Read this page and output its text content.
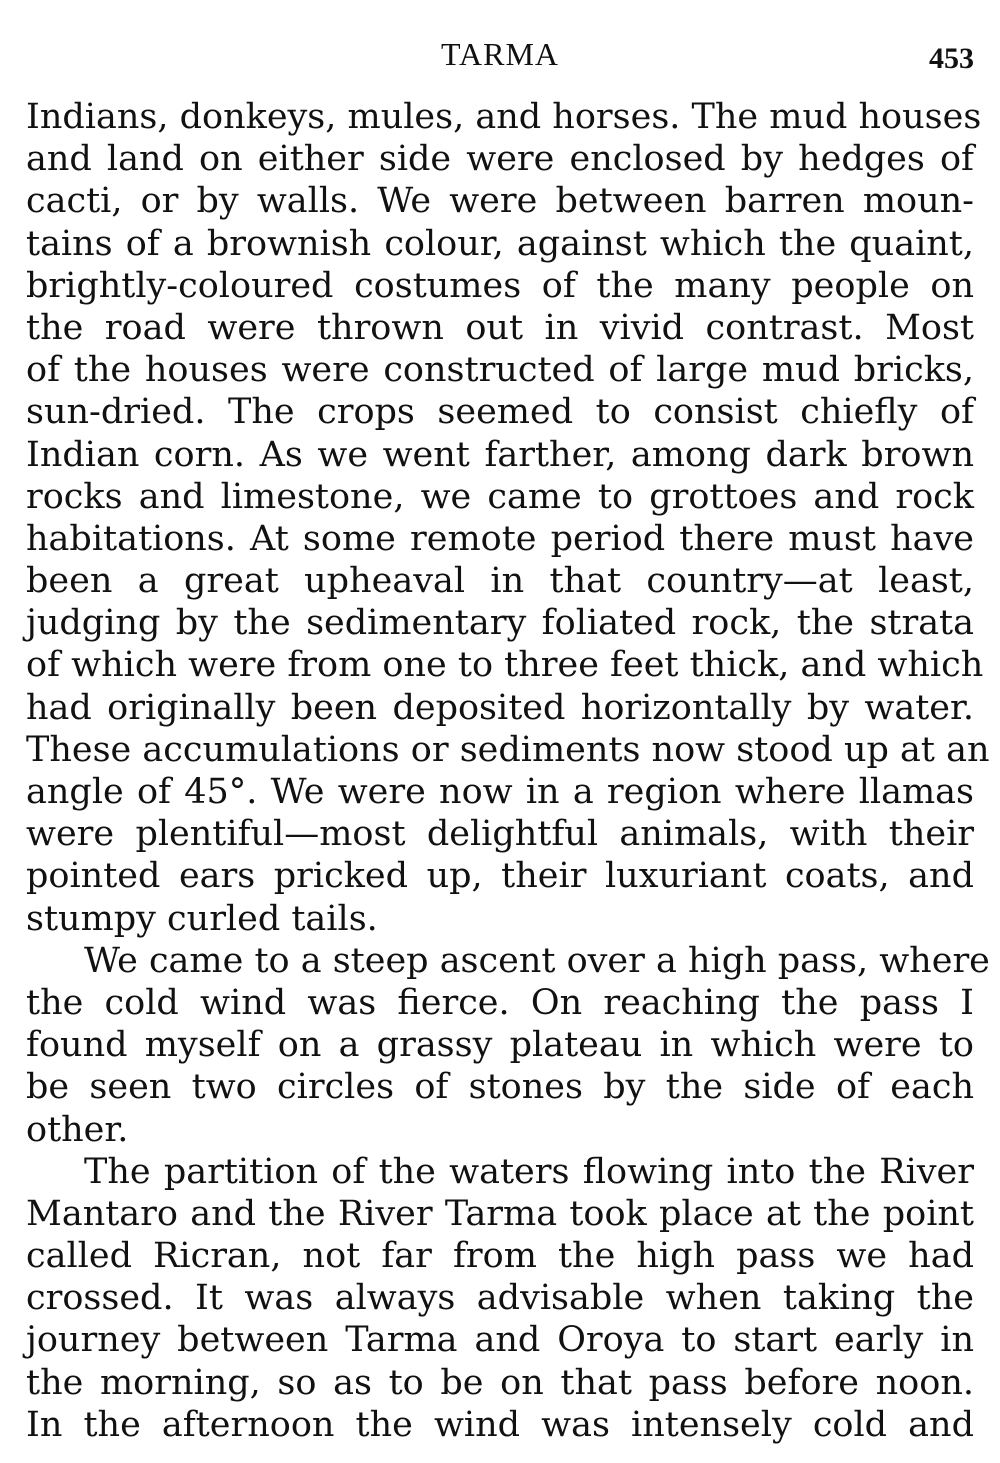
TARMA	453
Indians, donkeys, mules, and horses. The mud houses
and land on either side were enclosed by hedges of
cacti, or by walls. We were between barren moun-
tains of a brownish colour, against which the quaint,
brightly-coloured costumes of the many people on
the road were thrown out in vivid contrast. Most
of the houses were constructed of large mud bricks,
sun-dried. The crops seemed to consist chiefly of
Indian corn. As we went farther, among dark brown
rocks and limestone, we came to grottoes and rock
habitations. At some remote period there must have
been a great upheaval in that country—at least,
judging by the sedimentary foliated rock, the strata
of which were from one to three feet thick, and which
had originally been deposited horizontally by water.
These accumulations or sediments now stood up at an
angle of 45°. We were now in a region where llamas
were plentiful—most delightful animals, with their
pointed ears pricked up, their luxuriant coats, and
stumpy curled tails.
We came to a steep ascent over a high pass, where
the cold wind was fierce. On reaching the pass I
found myself on a grassy plateau in which were to
be seen two circles of stones by the side of each
other.
The partition of the waters flowing into the River
Mantaro and the River Tarma took place at the point
called Ricran, not far from the high pass we had
crossed. It was always advisable when taking the
journey between Tarma and Oroya to start early in
the morning, so as to be on that pass before noon.
In the afternoon the wind was intensely cold and
